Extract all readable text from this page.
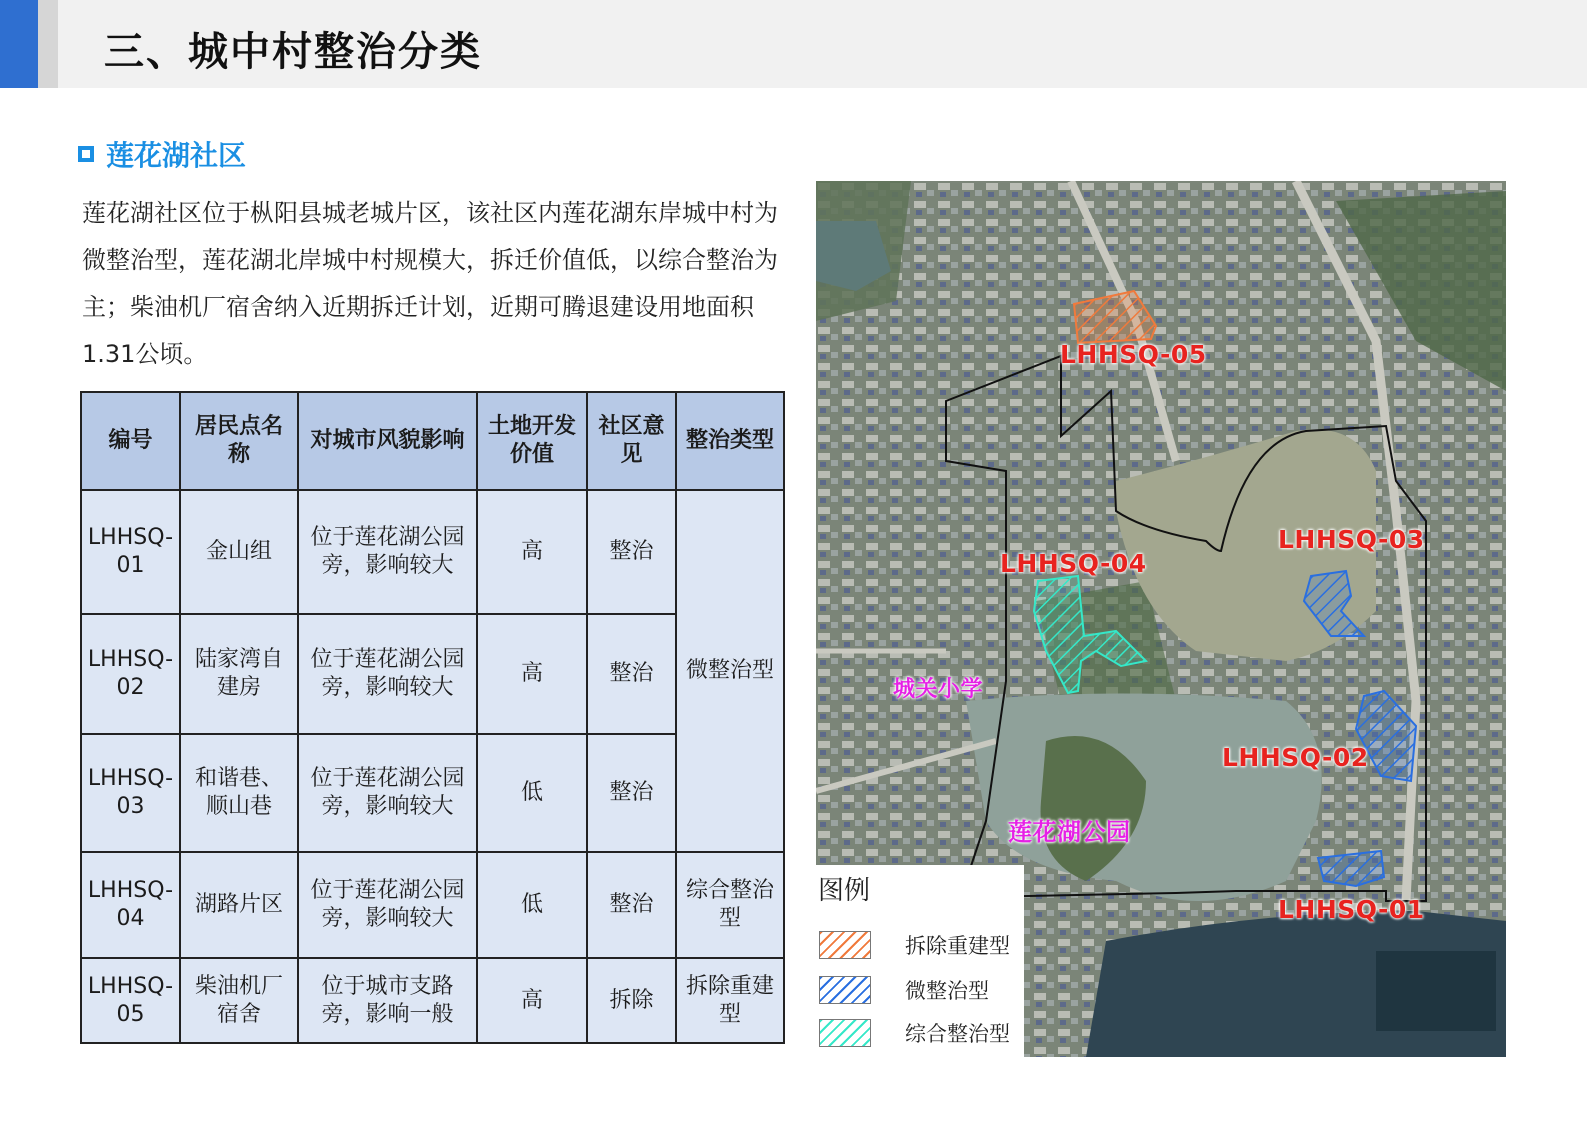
三、城中村整治分类
莲花湖社区
莲花湖社区位于枞阳县城老城片区，该社区内莲花湖东岸城中村为微整治型，莲花湖北岸城中村规模大，拆迁价值低，以综合整治为主；柴油机厂宿舍纳入近期拆迁计划，近期可腾退建设用地面积1.31公顷。
编号	居民点名称	对城市风貌影响	土地开发价值	社区意见	整治类型
LHHSQ-01	金山组	位于莲花湖公园旁，影响较大	高	整治	微整治型
LHHSQ-02	陆家湾自建房	位于莲花湖公园旁，影响较大	高	整治	
LHHSQ-03	和谐巷、顺山巷	位于莲花湖公园旁，影响较大	低	整治	
LHHSQ-04	湖路片区	位于莲花湖公园旁，影响较大	低	整治	综合整治型
LHHSQ-05	柴油机厂宿舍	位于城市支路旁，影响一般	高	拆除	拆除重建型
LHHSQ-05
LHHSQ-03
LHHSQ-04
LHHSQ-02
LHHSQ-01
城关小学
莲花湖公园
图例
拆除重建型
微整治型
综合整治型
